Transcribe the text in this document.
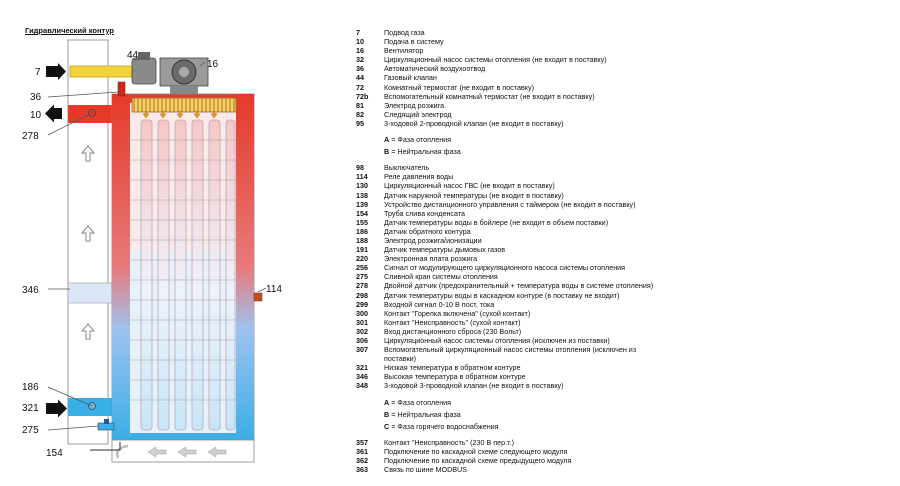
Гидравлический контур
7
36
10
278
44
16
346	114
186
321
275
154
7	Подвод газа
10	Подача в систему
16	Вентилятор
32	Циркуляционный насос системы отопления (не входит в поставку)
36	Автоматический воздухоотвод
44	Газовый клапан
72	Комнатный термостат (не входит в поставку)
72b	Вспомогательный комнатный термостат (не входит в поставку)
81	Электрод розжига
82	Следящий электрод
95	3-ходовой 2-проводной клапан (не входит в поставку)
A = Фаза отопления
B = Нейтральная фаза
98	Выключатель
114	Реле давления воды
130	Циркуляционный насос ГВС (не входит в поставку)
138	Датчик наружной температуры (не входит в поставку)
139	Устройство дистанционного управления с таймером (не входит в поставку)
154	Труба слива конденсата
155	Датчик температуры воды в бойлере (не входит в объем поставки)
186	Датчик обратного контура
188	Электрод розжига/ионизации
191	Датчик температуры дымовых газов
220	Электронная плата розжига
256	Сигнал от модулирующего циркуляционного насоса системы отопления
275	Сливной кран системы отопления
278	Двойной датчик (предохранительный + температура воды в системе отопления)
298	Датчик температуры воды в каскадном контуре (в поставку не входит)
299	Входной сигнал 0-10 В пост. тока
300	Контакт "Горелка включена" (сухой контакт)
301	Контакт "Неисправность" (сухой контакт)
302	Вход дистанционного сброса (230 Вольт)
306	Циркуляционный насос системы отопления (исключен из поставки)
307	Вспомогательный циркуляционный насос системы отопления (исключен из поставки)
321	Низкая температура в обратном контуре
346	Высокая температура в обратном контуре
348	3-ходовой 3-проводной клапан (не входит в поставку)
A = Фаза отопления
B = Нейтральная фаза
C = Фаза горячего водоснабжения
357	Контакт "Неисправность" (230 В пер.т.)
361	Подключение по каскадной схеме следующего модуля
362	Подключение по каскадной схеме предыдущего модуля
363	Связь по шине MODBUS
